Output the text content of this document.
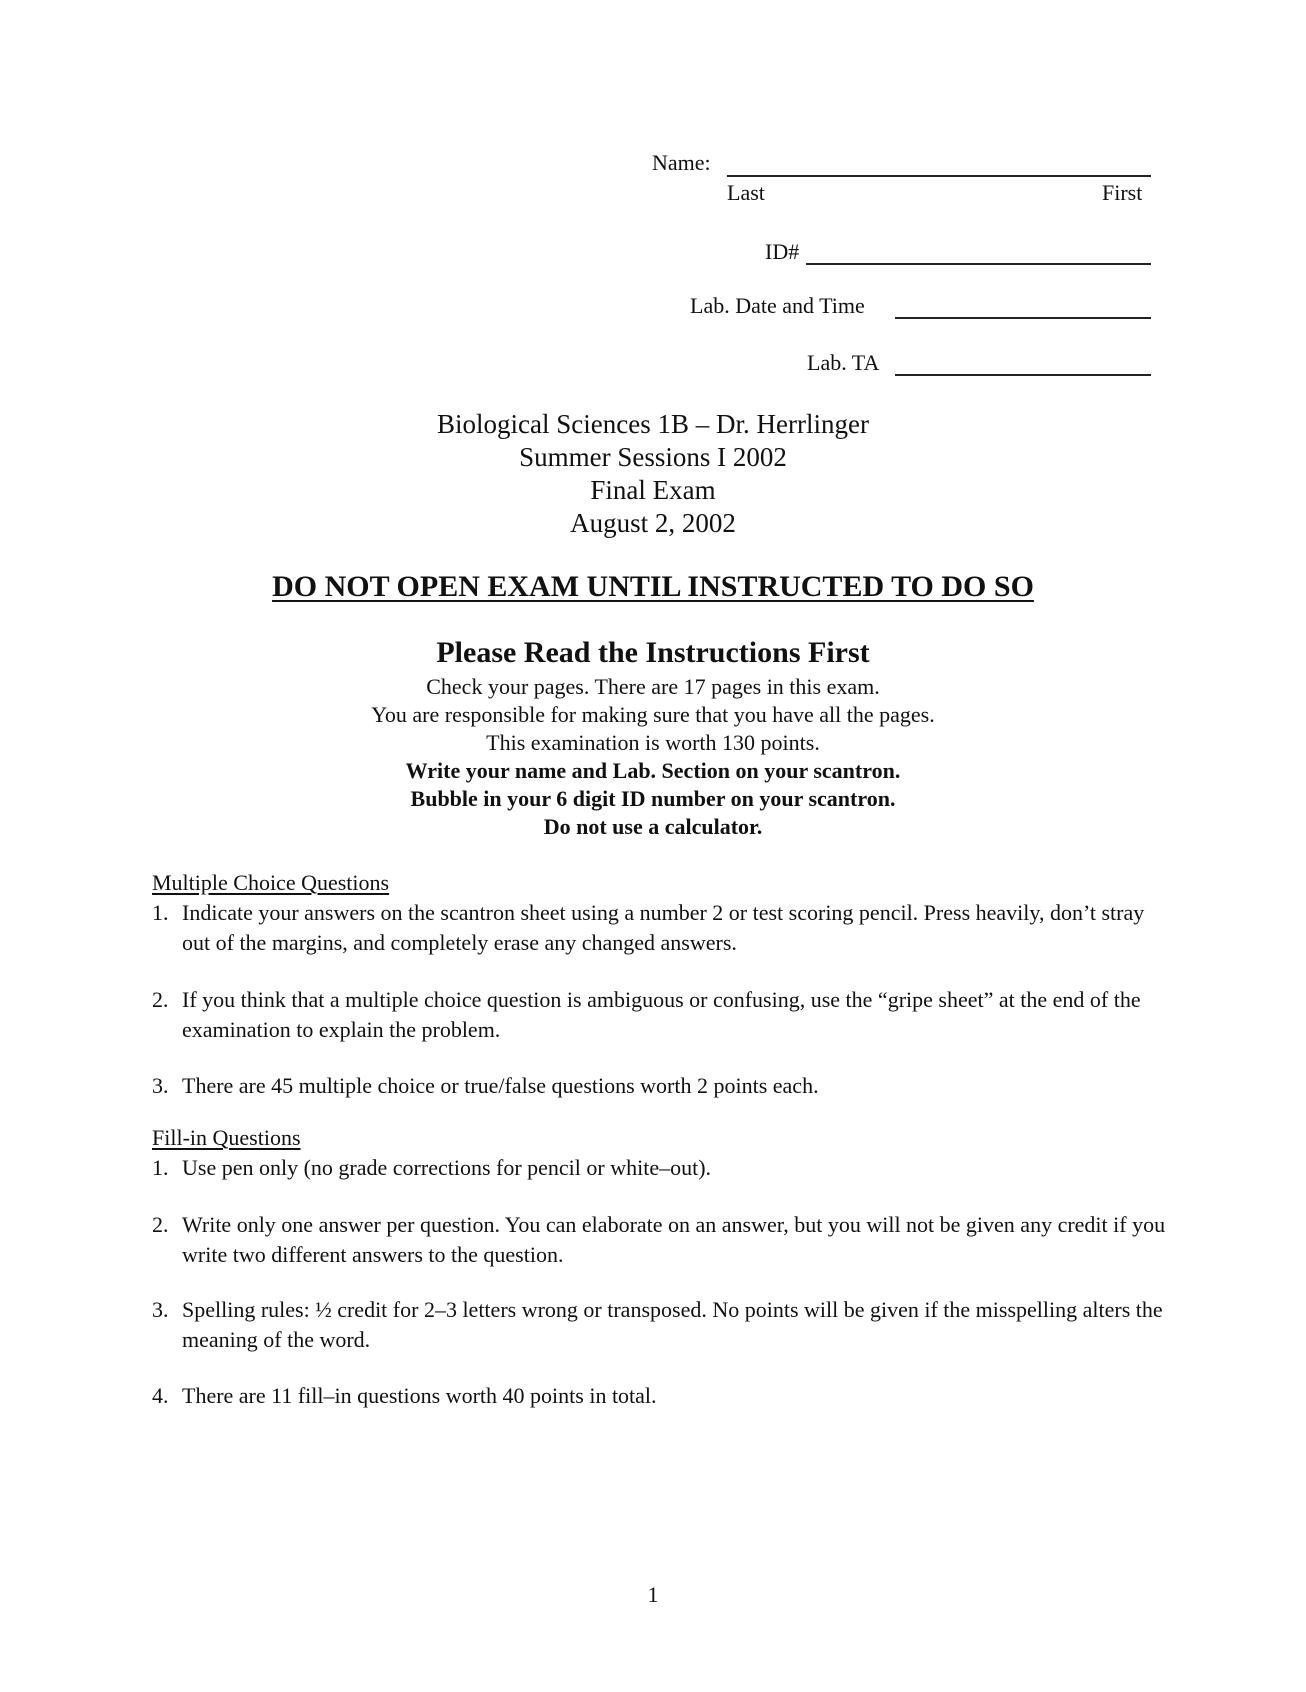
Name:
Last	First
ID#
Lab. Date and Time
Lab. TA
Biological Sciences 1B – Dr. Herrlinger
Summer Sessions I 2002
Final Exam
August 2, 2002
DO NOT OPEN EXAM UNTIL INSTRUCTED TO DO SO
Please Read the Instructions First
Check your pages. There are 17 pages in this exam.
You are responsible for making sure that you have all the pages.
This examination is worth 130 points.
Write your name and Lab. Section on your scantron.
Bubble in your 6 digit ID number on your scantron.
Do not use a calculator.
Multiple Choice Questions
1. Indicate your answers on the scantron sheet using a number 2 or test scoring pencil. Press heavily, don’t stray out of the margins, and completely erase any changed answers.
2. If you think that a multiple choice question is ambiguous or confusing, use the “gripe sheet” at the end of the examination to explain the problem.
3. There are 45 multiple choice or true/false questions worth 2 points each.
Fill-in Questions
1. Use pen only (no grade corrections for pencil or white–out).
2. Write only one answer per question. You can elaborate on an answer, but you will not be given any credit if you write two different answers to the question.
3. Spelling rules: ½ credit for 2–3 letters wrong or transposed. No points will be given if the misspelling alters the meaning of the word.
4. There are 11 fill–in questions worth 40 points in total.
1
